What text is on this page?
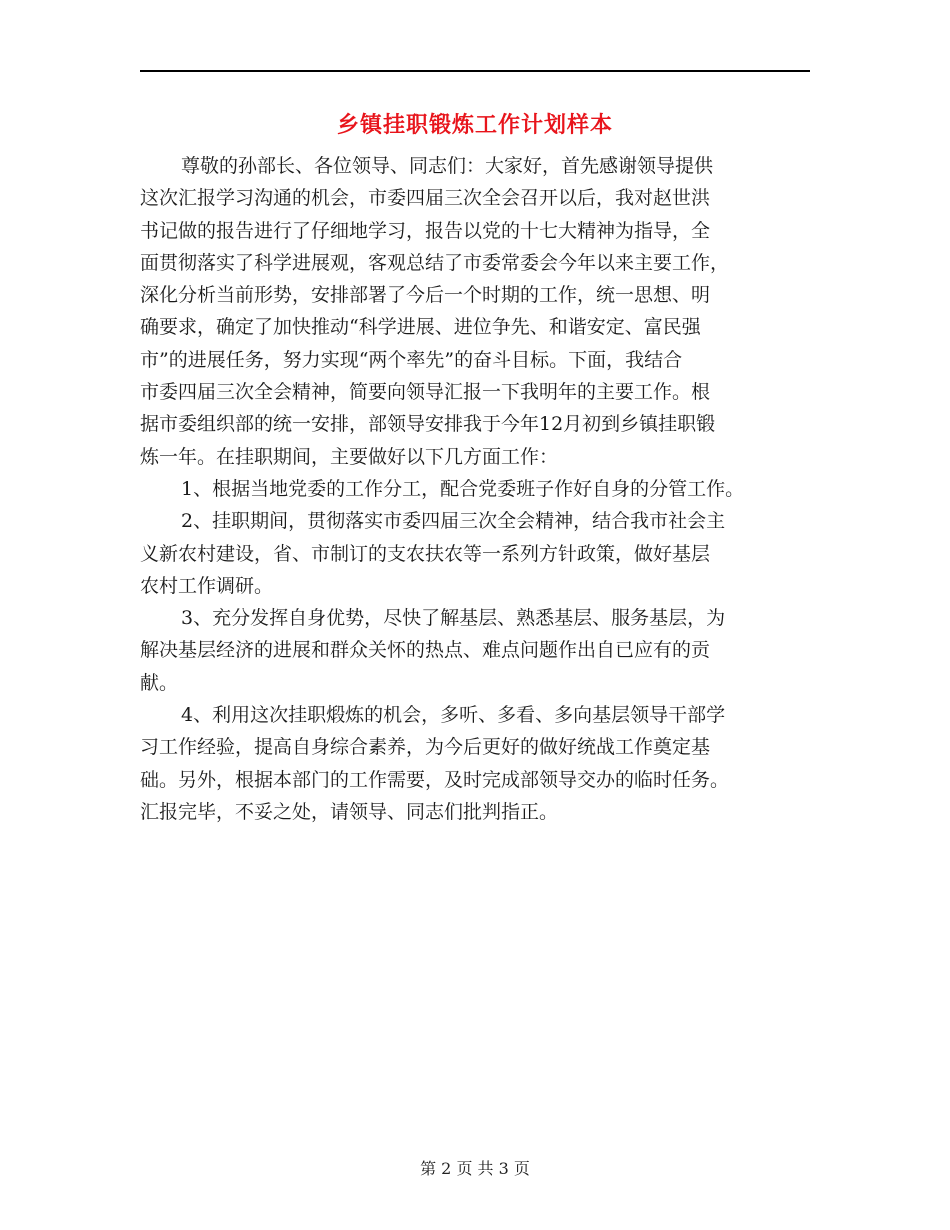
乡镇挂职锻炼工作计划样本
尊敬的孙部长、各位领导、同志们：大家好，首先感谢领导提供
这次汇报学习沟通的机会，市委四届三次全会召开以后，我对赵世洪
书记做的报告进行了仔细地学习，报告以党的十七大精神为指导，全
面贯彻落实了科学进展观，客观总结了市委常委会今年以来主要工作，
深化分析当前形势，安排部署了今后一个时期的工作，统一思想、明
确要求，确定了加快推动“科学进展、进位争先、和谐安定、富民强
市”的进展任务，努力实现“两个率先”的奋斗目标。下面，我结合
市委四届三次全会精神，简要向领导汇报一下我明年的主要工作。根
据市委组织部的统一安排，部领导安排我于今年12月初到乡镇挂职锻
炼一年。在挂职期间，主要做好以下几方面工作：
1、根据当地党委的工作分工，配合党委班子作好自身的分管工作。
2、挂职期间，贯彻落实市委四届三次全会精神，结合我市社会主
义新农村建设，省、市制订的支农扶农等一系列方针政策，做好基层
农村工作调研。
3、充分发挥自身优势，尽快了解基层、熟悉基层、服务基层，为
解决基层经济的进展和群众关怀的热点、难点问题作出自已应有的贡
献。
4、利用这次挂职煅炼的机会，多听、多看、多向基层领导干部学
习工作经验，提高自身综合素养，为今后更好的做好统战工作奠定基
础。另外，根据本部门的工作需要，及时完成部领导交办的临时任务。
汇报完毕，不妥之处，请领导、同志们批判指正。
第 2 页 共 3 页
